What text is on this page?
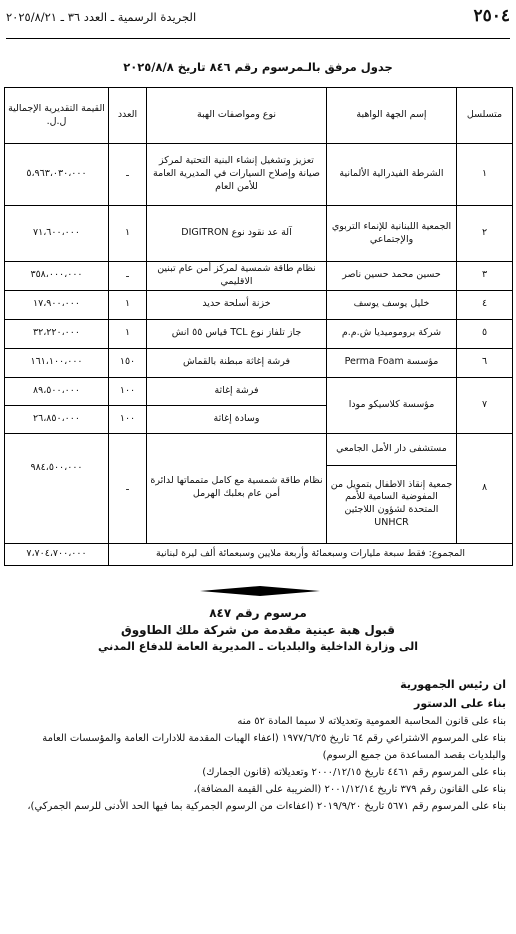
٢٥٠٤
الجريدة الرسمية ـ العدد ٣٦ ـ ٢٠٢٥/٨/٢١
جدول مرفق بالـمرسوم رقم ٨٤٦ تاريخ ٢٠٢٥/٨/٨
متسلسل	إسم الجهة الواهبة	نوع ومواصفات الهبة	العدد	القيمة التقديرية الإجمالية ل.ل.
١	الشرطة الفيدرالية الألمانية	تعزيز وتشغيل إنشاء البنية التحتية لمركز صيانة وإصلاح السيارات في المديرية العامة للأمن العام	ـ	٥،٩٦٣،٠٣٠،٠٠٠
٢	الجمعية اللبنانية للإنماء التربوي والإجتماعي	آلة عد نقود نوع DIGITRON	١	٧١،٦٠٠،٠٠٠
٣	حسين محمد حسين ناصر	نظام طاقة شمسية لمركز أمن عام تبنين الاقليمي	ـ	٣٥٨،٠٠٠،٠٠٠
٤	خليل يوسف يوسف	خزنة أسلحة حديد	١	١٧،٩٠٠،٠٠٠
٥	شركة بروموميديا ش.م.م	جاز تلفاز نوع TCL قياس ٥٥ انش	١	٣٢،٢٢٠،٠٠٠
٦	مؤسسة Perma Foam	فرشة إغاثة مبطنة بالقماش	١٥٠	١٦١،١٠٠،٠٠٠
٧	مؤسسة كلاسيكو مودا	فرشة إغاثة	١٠٠	٨٩،٥٠٠،٠٠٠
		وسادة إغاثة	١٠٠	٢٦،٨٥٠،٠٠٠
٨	مستشفى دار الأمل الجامعي	نظام طاقة شمسية مع كامل متمماتها لدائرة أمن عام بعلبك الهرمل	ـ	٩٨٤،٥٠٠،٠٠٠
	جمعية إنقاذ الاطفال بتمويل من المفوضية السامية للأمم المتحدة لشؤون اللاجئين UNHCR			
المجموع: فقط سبعة مليارات وسبعمائة وأربعة ملايين وسبعمائة ألف ليرة لبنانية				٧،٧٠٤،٧٠٠،٠٠٠
مرسوم رقم ٨٤٧
قبول هبة عينية مقدمة من شركة ملك الطاووق
الى وزارة الداخلية والبلديات ـ المديرية العامة للدفاع المدني

ان رئيس الجمهورية

بناء على الدستور

بناء على قانون المحاسبة العمومية وتعديلاته لا سيما المادة ٥٢ منه

بناء على المرسوم الاشتراعي رقم ٦٤ تاريخ ١٩٧٧/٦/٢٥ (اعفاء الهبات المقدمة للادارات العامة والمؤسسات العامة والبلديات بقصد المساعدة من جميع الرسوم)

بناء على المرسوم رقم ٤٤٦١ تاريخ ٢٠٠٠/١٢/١٥ وتعديلاته (قانون الجمارك)

بناء على القانون رقم ٣٧٩ تاريخ ٢٠٠١/١٢/١٤ (الضريبة على القيمة المضافة)،

بناء على المرسوم رقم ٥٦٧١ تاريخ ٢٠١٩/٩/٢٠ (اعفاءات من الرسوم الجمركية بما فيها الحد الأدنى للرسم الجمركي)،
